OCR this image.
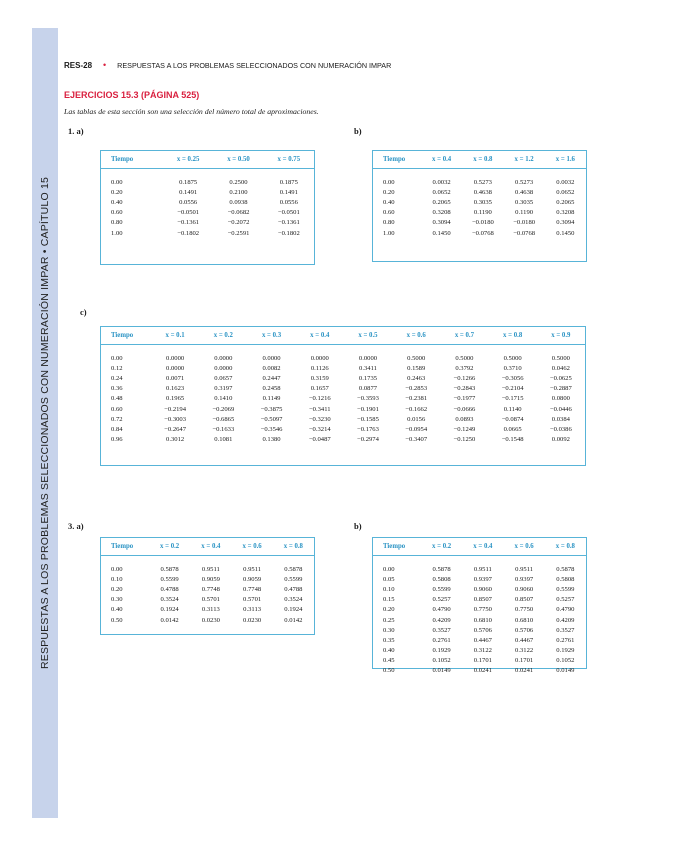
RESPUESTAS A LOS PROBLEMAS SELECCIONADOS CON NUMERACIÓN IMPAR • CAPÍTULO 15
RES-28 • RESPUESTAS A LOS PROBLEMAS SELECCIONADOS CON NUMERACIÓN IMPAR
EJERCICIOS 15.3 (PÁGINA 525)
Las tablas de esta sección son una selección del número total de aproximaciones.
1. a)	b)
c)
3. a)	b)
Tiempo	x = 0.25	x = 0.50	x = 0.75
0.00	0.1875	0.2500	0.1875
0.20	0.1491	0.2100	0.1491
0.40	0.0556	0.0938	0.0556
0.60	−0.0501	−0.0682	−0.0501
0.80	−0.1361	−0.2072	−0.1361
1.00	−0.1802	−0.2591	−0.1802
Tiempo	x = 0.4	x = 0.8	x = 1.2	x = 1.6
0.00	0.0032	0.5273	0.5273	0.0032
0.20	0.0652	0.4638	0.4638	0.0652
0.40	0.2065	0.3035	0.3035	0.2065
0.60	0.3208	0.1190	0.1190	0.3208
0.80	0.3094	−0.0180	−0.0180	0.3094
1.00	0.1450	−0.0768	−0.0768	0.1450
Tiempo	x = 0.1	x = 0.2	x = 0.3	x = 0.4	x = 0.5	x = 0.6	x = 0.7	x = 0.8	x = 0.9
0.00	0.0000	0.0000	0.0000	0.0000	0.0000	0.5000	0.5000	0.5000	0.5000
0.12	0.0000	0.0000	0.0082	0.1126	0.3411	0.1589	0.3792	0.3710	0.0462
0.24	0.0071	0.0657	0.2447	0.3159	0.1735	0.2463	−0.1266	−0.3056	−0.0625
0.36	0.1623	0.3197	0.2458	0.1657	0.0877	−0.2853	−0.2843	−0.2104	−0.2887
0.48	0.1965	0.1410	0.1149	−0.1216	−0.3593	−0.2381	−0.1977	−0.1715	0.0800
0.60	−0.2194	−0.2069	−0.3875	−0.3411	−0.1901	−0.1662	−0.0666	0.1140	−0.0446
0.72	−0.3003	−0.6865	−0.5097	−0.3230	−0.1585	0.0156	0.0893	−0.0874	0.0384
0.84	−0.2647	−0.1633	−0.3546	−0.3214	−0.1763	−0.0954	−0.1249	0.0665	−0.0386
0.96	0.3012	0.1081	0.1380	−0.0487	−0.2974	−0.3407	−0.1250	−0.1548	0.0092
Tiempo	x = 0.2	x = 0.4	x = 0.6	x = 0.8
0.00	0.5878	0.9511	0.9511	0.5878
0.10	0.5599	0.9059	0.9059	0.5599
0.20	0.4788	0.7748	0.7748	0.4788
0.30	0.3524	0.5701	0.5701	0.3524
0.40	0.1924	0.3113	0.3113	0.1924
0.50	0.0142	0.0230	0.0230	0.0142
Tiempo	x = 0.2	x = 0.4	x = 0.6	x = 0.8
0.00	0.5878	0.9511	0.9511	0.5878
0.05	0.5808	0.9397	0.9397	0.5808
0.10	0.5599	0.9060	0.9060	0.5599
0.15	0.5257	0.8507	0.8507	0.5257
0.20	0.4790	0.7750	0.7750	0.4790
0.25	0.4209	0.6810	0.6810	0.4209
0.30	0.3527	0.5706	0.5706	0.3527
0.35	0.2761	0.4467	0.4467	0.2761
0.40	0.1929	0.3122	0.3122	0.1929
0.45	0.1052	0.1701	0.1701	0.1052
0.50	0.0149	0.0241	0.0241	0.0149
